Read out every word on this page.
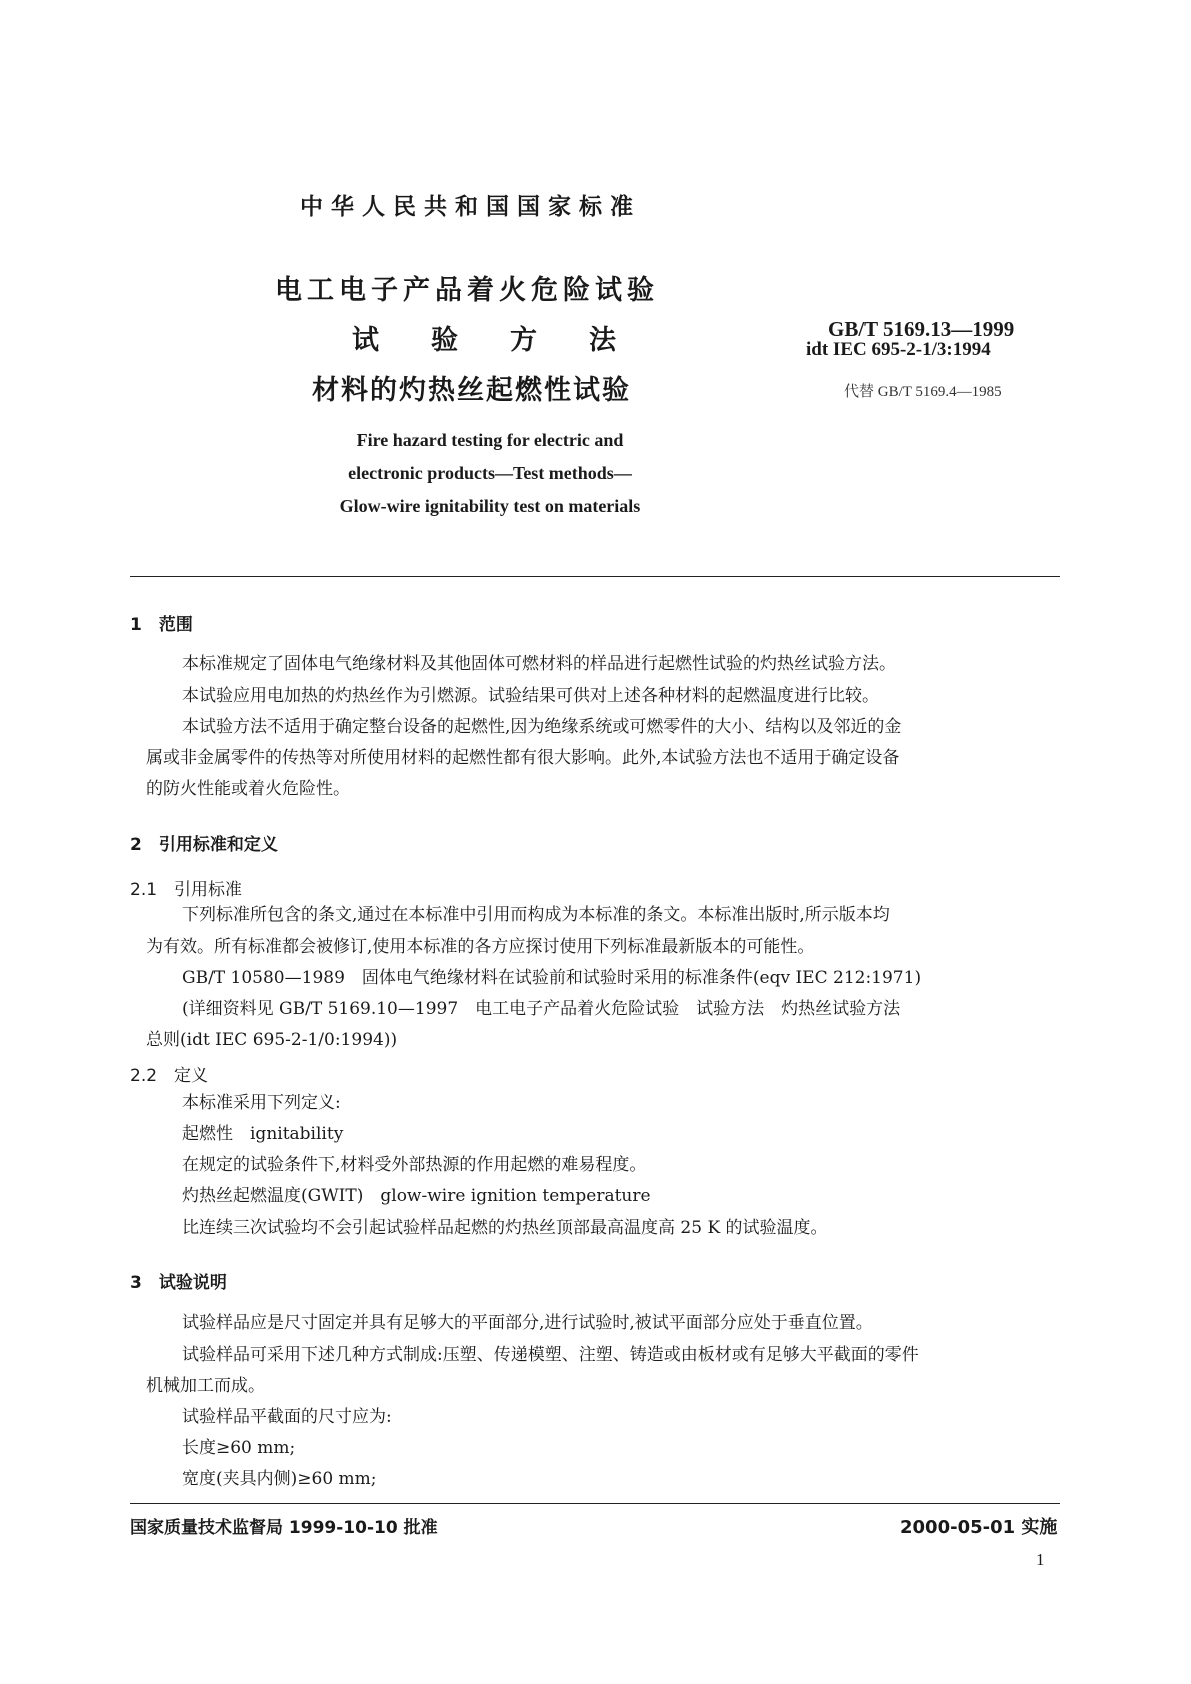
中华人民共和国国家标准
电工电子产品着火危险试验
试 验 方 法
材料的灼热丝起燃性试验
GB/T 5169.13—1999
idt IEC 695-2-1/3:1994
代替 GB/T 5169.4—1985
Fire hazard testing for electric and
electronic products—Test methods—
Glow-wire ignitability test on materials
1　范围
本标准规定了固体电气绝缘材料及其他固体可燃材料的样品进行起燃性试验的灼热丝试验方法。
本试验应用电加热的灼热丝作为引燃源。试验结果可供对上述各种材料的起燃温度进行比较。
本试验方法不适用于确定整台设备的起燃性,因为绝缘系统或可燃零件的大小、结构以及邻近的金
属或非金属零件的传热等对所使用材料的起燃性都有很大影响。此外,本试验方法也不适用于确定设备
的防火性能或着火危险性。
2　引用标准和定义
2.1　引用标准
下列标准所包含的条文,通过在本标准中引用而构成为本标准的条文。本标准出版时,所示版本均
为有效。所有标准都会被修订,使用本标准的各方应探讨使用下列标准最新版本的可能性。
GB/T 10580—1989　固体电气绝缘材料在试验前和试验时采用的标准条件(eqv IEC 212:1971)
(详细资料见 GB/T 5169.10—1997　电工电子产品着火危险试验　试验方法　灼热丝试验方法
总则(idt IEC 695-2-1/0:1994))
2.2　定义
本标准采用下列定义:
起燃性　ignitability
在规定的试验条件下,材料受外部热源的作用起燃的难易程度。
灼热丝起燃温度(GWIT)　glow-wire ignition temperature
比连续三次试验均不会引起试验样品起燃的灼热丝顶部最高温度高 25 K 的试验温度。
3　试验说明
试验样品应是尺寸固定并具有足够大的平面部分,进行试验时,被试平面部分应处于垂直位置。
试验样品可采用下述几种方式制成:压塑、传递模塑、注塑、铸造或由板材或有足够大平截面的零件
机械加工而成。
试验样品平截面的尺寸应为:
长度≥60 mm;
宽度(夹具内侧)≥60 mm;
国家质量技术监督局 1999-10-10 批准	2000-05-01 实施
1
